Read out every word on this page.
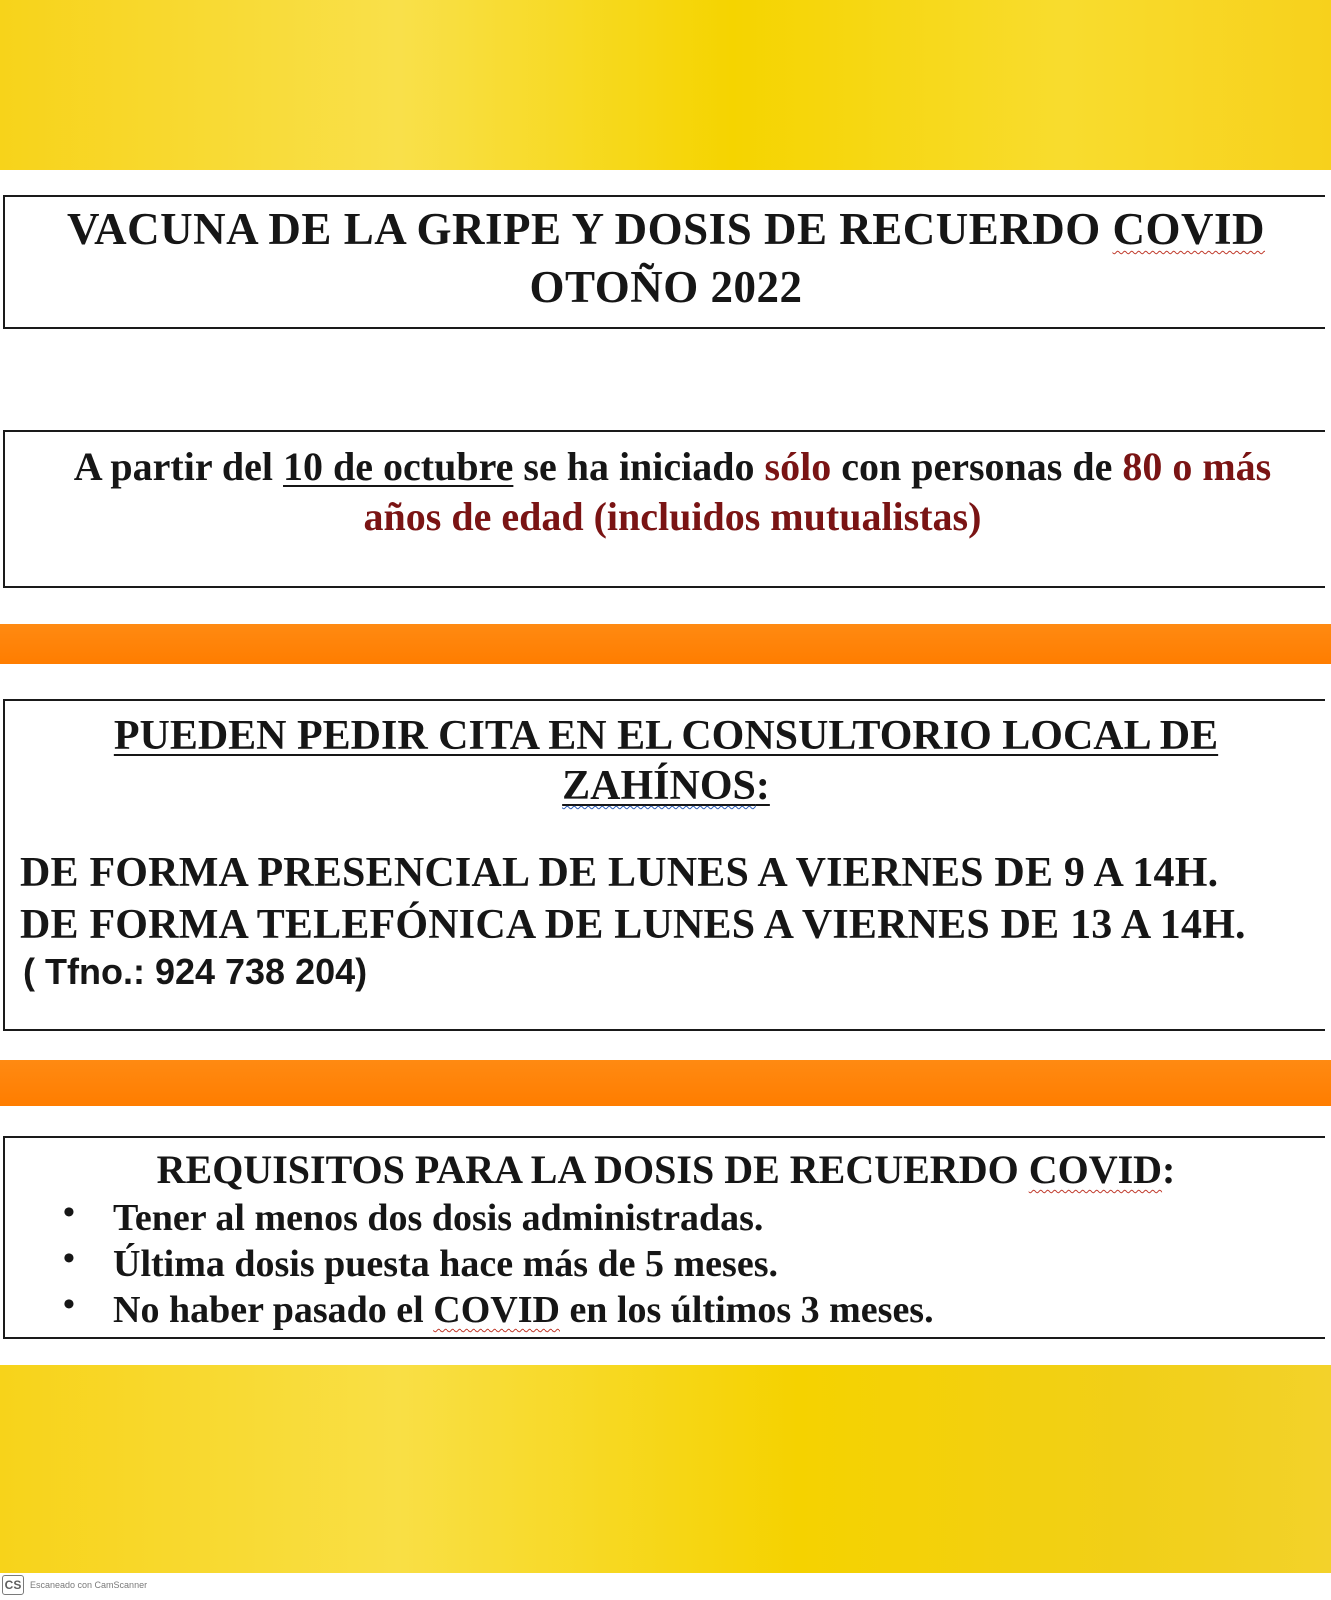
VACUNA DE LA GRIPE Y DOSIS DE RECUERDO COVID
OTOÑO 2022
A partir del 10 de octubre se ha iniciado sólo con personas de 80 o más años de edad (incluidos mutualistas)
PUEDEN PEDIR CITA EN EL CONSULTORIO LOCAL DE ZAHÍNOS:
DE FORMA PRESENCIAL DE LUNES A VIERNES DE 9 A 14H.
DE FORMA TELEFÓNICA DE LUNES A VIERNES DE 13 A 14H.
( Tfno.: 924 738 204)
REQUISITOS PARA LA DOSIS DE RECUERDO COVID:
• Tener al menos dos dosis administradas.
• Última dosis puesta hace más de 5 meses.
• No haber pasado el COVID en los últimos 3 meses.
CS Escaneado con CamScanner
